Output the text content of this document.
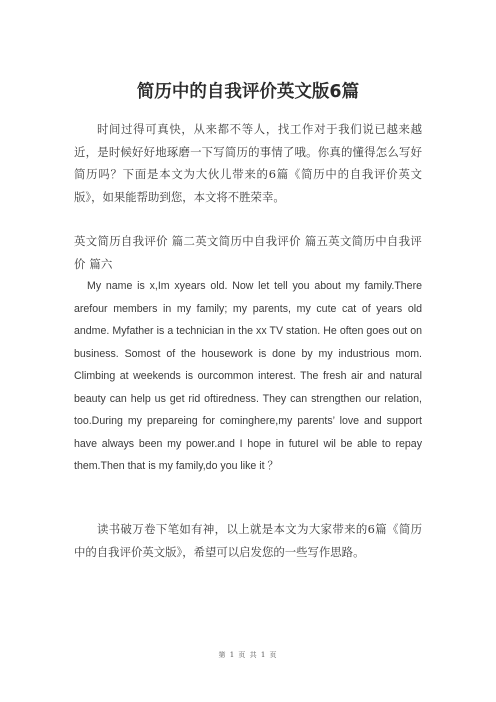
简历中的自我评价英文版6篇

时间过得可真快，从来都不等人，找工作对于我们说已越来越近，是时候好好地琢磨一下写简历的事情了哦。你真的懂得怎么写好简历吗？下面是本文为大伙儿带来的6篇《简历中的自我评价英文版》，如果能帮助到您，本文将不胜荣幸。

英文简历自我评价 篇二英文简历中自我评价 篇五英文简历中自我评价 篇六

My name is x,Im xyears old. Now let tell you about my family.There arefour members in my family; my parents, my cute cat of years old andme. Myfather is a technician in the xx TV station. He often goes out on business. Somost of the housework is done by my industrious mom. Climbing at weekends is ourcommon interest. The fresh air and natural beauty can help us get rid oftiredness. They can strengthen our relation, too.During my prepareing for cominghere,my parents’ love and support have always been my power.and I hope in futureI wil be able to repay them.Then that is my family,do you like it ？

读书破万卷下笔如有神，以上就是本文为大家带来的6篇《简历中的自我评价英文版》，希望可以启发您的一些写作思路。

第 1 页 共 1 页
